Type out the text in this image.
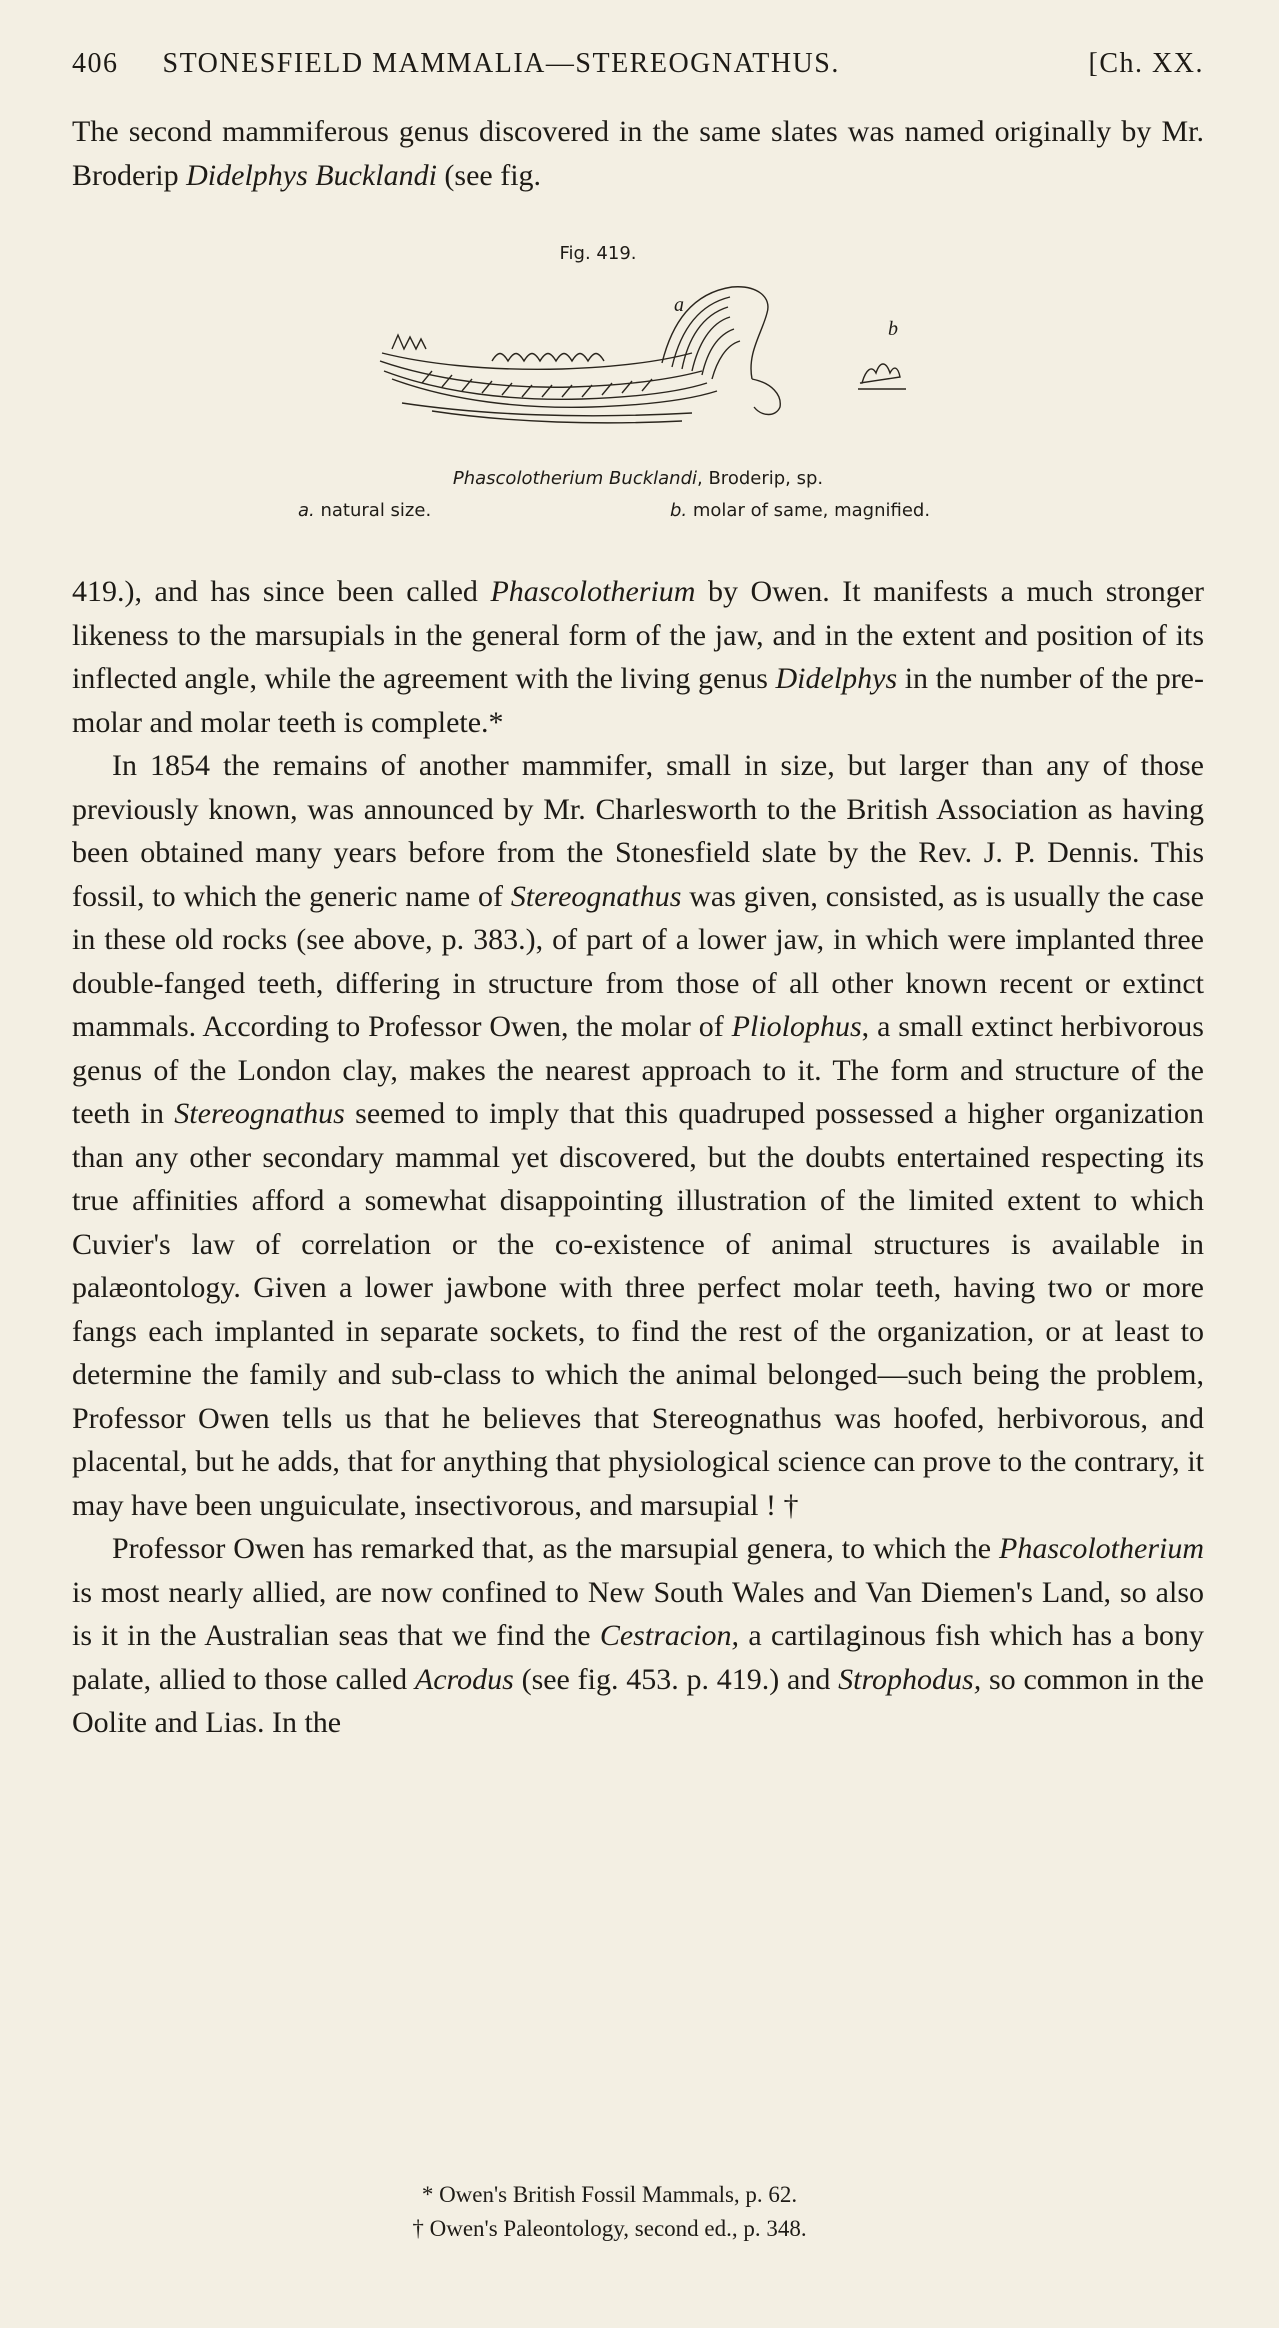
406 STONESFIELD MAMMALIA—STEREOGNATHUS.	[Ch. XX.
The second mammiferous genus discovered in the same slates was named originally by Mr. Broderip Didelphys Bucklandi (see fig.
Fig. 419.
a
b
Phascolotherium Bucklandi, Broderip, sp.
a. natural size.	b. molar of same, magnified.

419.), and has since been called Phascolotherium by Owen. It manifests a much stronger likeness to the marsupials in the general form of the jaw, and in the extent and position of its inflected angle, while the agreement with the living genus Didelphys in the number of the pre-molar and molar teeth is complete.*

In 1854 the remains of another mammifer, small in size, but larger than any of those previously known, was announced by Mr. Charlesworth to the British Association as having been obtained many years before from the Stonesfield slate by the Rev. J. P. Dennis. This fossil, to which the generic name of Stereognathus was given, consisted, as is usually the case in these old rocks (see above, p. 383.), of part of a lower jaw, in which were implanted three double-fanged teeth, differing in structure from those of all other known recent or extinct mammals. According to Professor Owen, the molar of Pliolophus, a small extinct herbivorous genus of the London clay, makes the nearest approach to it. The form and structure of the teeth in Stereognathus seemed to imply that this quadruped possessed a higher organization than any other secondary mammal yet discovered, but the doubts entertained respecting its true affinities afford a somewhat disappointing illustration of the limited extent to which Cuvier's law of correlation or the co-existence of animal structures is available in palæontology. Given a lower jawbone with three perfect molar teeth, having two or more fangs each implanted in separate sockets, to find the rest of the organization, or at least to determine the family and sub-class to which the animal belonged—such being the problem, Professor Owen tells us that he believes that Stereognathus was hoofed, herbivorous, and placental, but he adds, that for anything that physiological science can prove to the contrary, it may have been unguiculate, insectivorous, and marsupial ! †

Professor Owen has remarked that, as the marsupial genera, to which the Phascolotherium is most nearly allied, are now confined to New South Wales and Van Diemen's Land, so also is it in the Australian seas that we find the Cestracion, a cartilaginous fish which has a bony palate, allied to those called Acrodus (see fig. 453. p. 419.) and Strophodus, so common in the Oolite and Lias. In the

* Owen's British Fossil Mammals, p. 62.
† Owen's Paleontology, second ed., p. 348.
